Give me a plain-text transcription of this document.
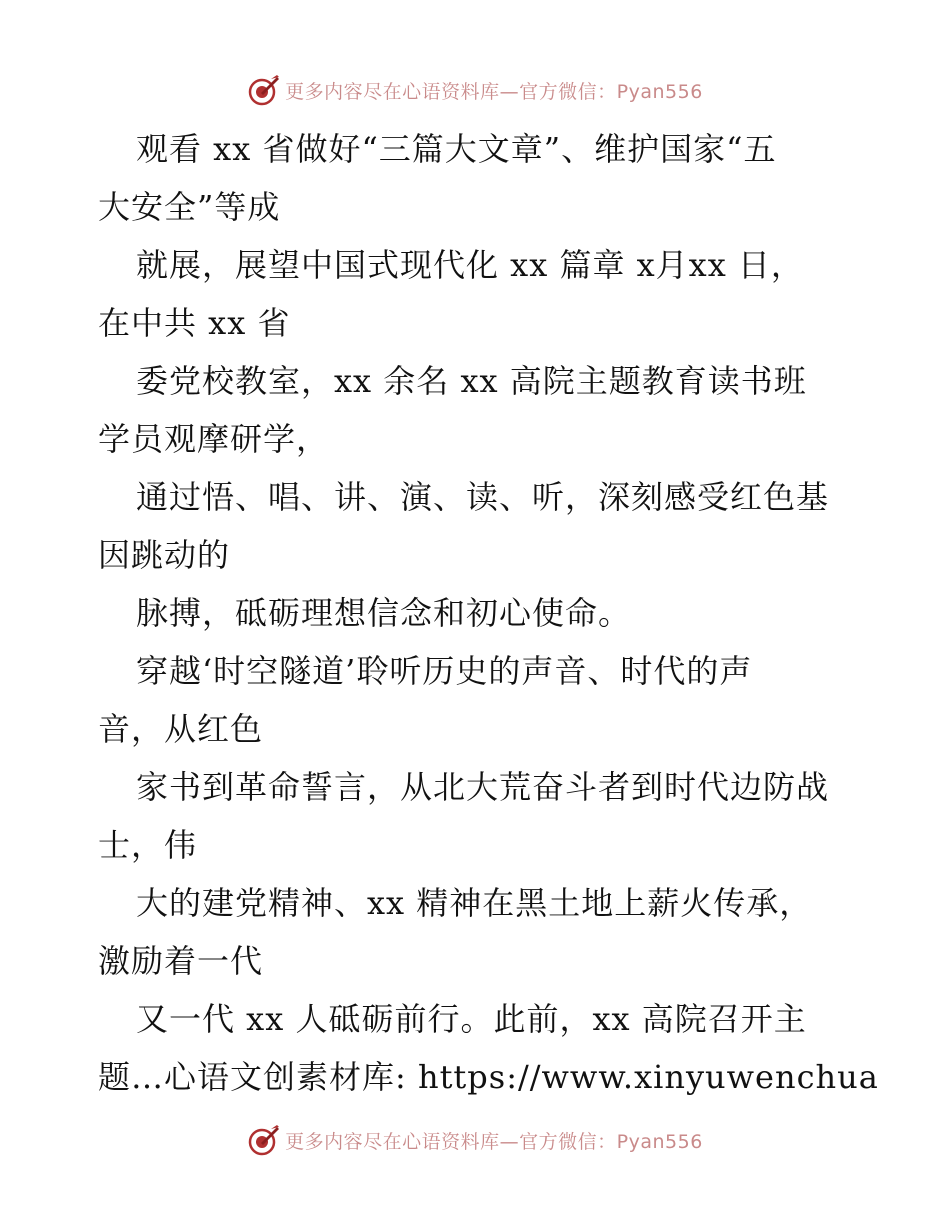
更多内容尽在心语资料库—官方微信：Pyan556
观看 xx 省做好“三篇大文章”、维护国家“五
大安全”等成
就展，展望中国式现代化 xx 篇章 x月xx 日，
在中共 xx 省
委党校教室，xx 余名 xx 高院主题教育读书班
学员观摩研学，
通过悟、唱、讲、演、读、听，深刻感受红色基
因跳动的
脉搏，砥砺理想信念和初心使命。
穿越‘时空隧道’聆听历史的声音、时代的声
音，从红色
家书到革命誓言，从北大荒奋斗者到时代边防战
士，伟
大的建党精神、xx 精神在黑土地上薪火传承，
激励着一代
又一代 xx 人砥砺前行。此前，xx 高院召开主
题…心语文创素材库: https://www.xinyuwenchua
更多内容尽在心语资料库—官方微信：Pyan556
